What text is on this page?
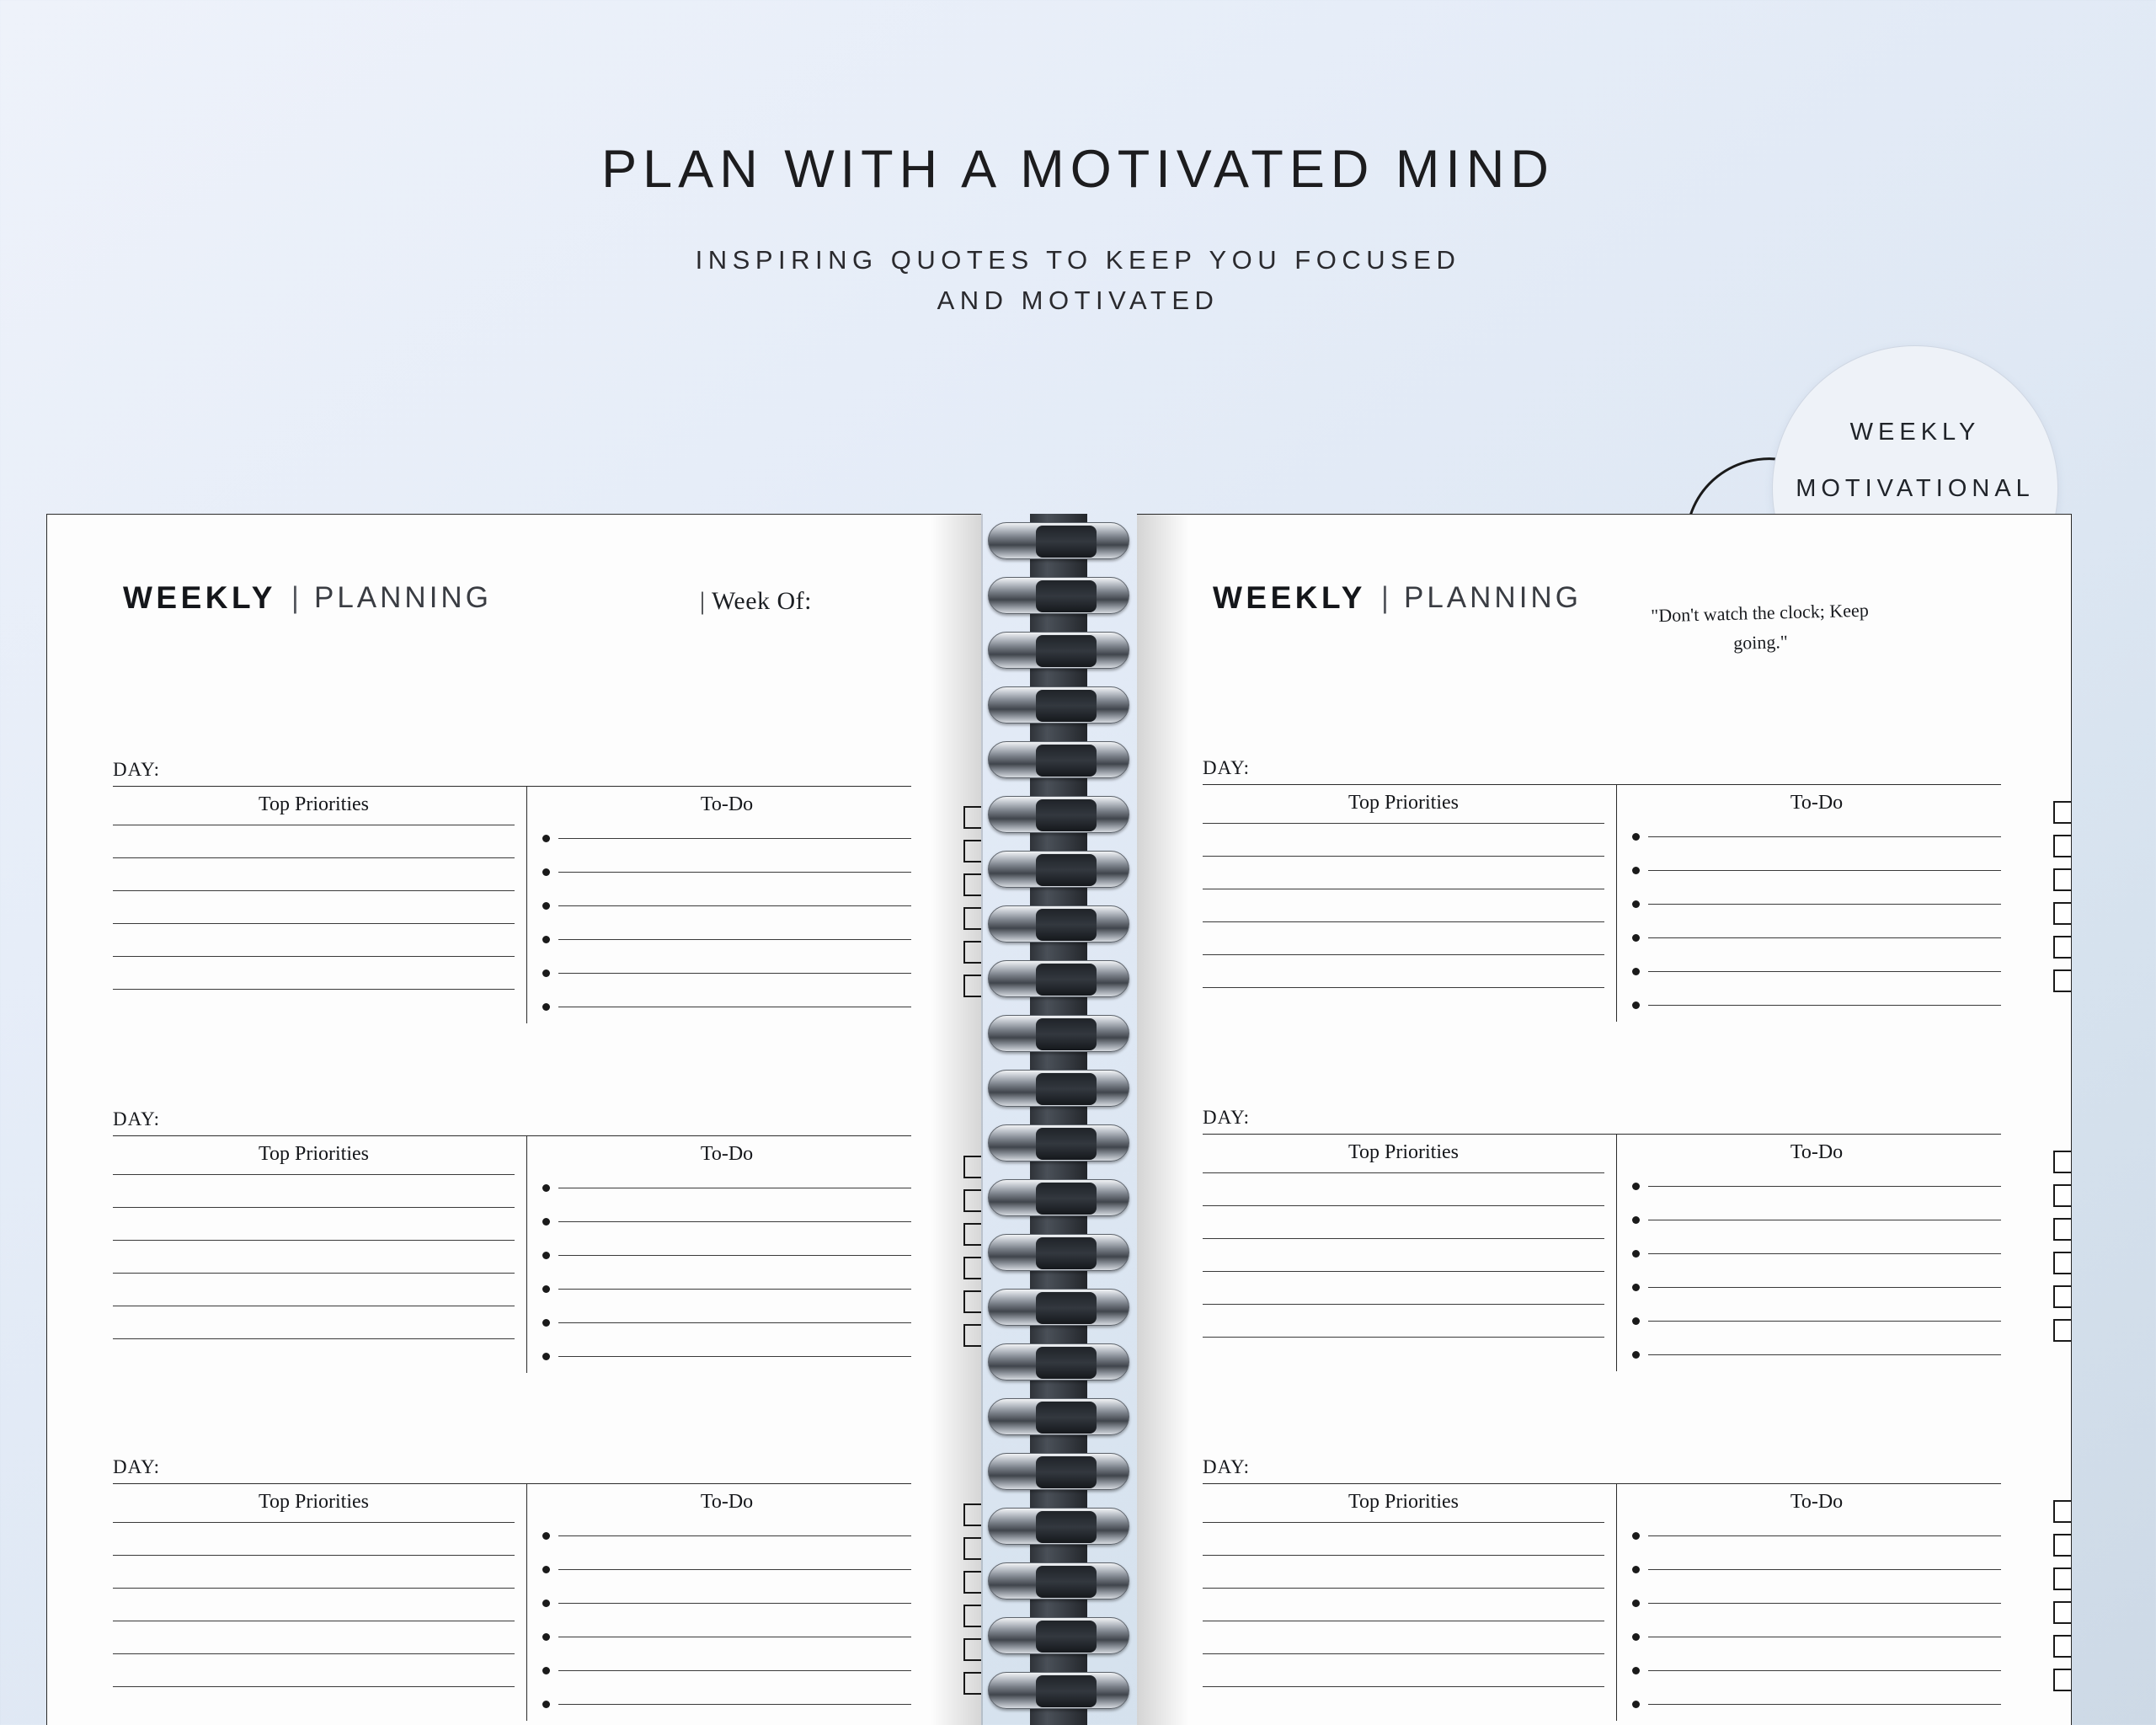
PLAN WITH A MOTIVATED MIND
INSPIRING QUOTES TO KEEP YOU FOCUSED
AND MOTIVATED
WEEKLY
MOTIVATIONAL
WEEKLY | PLANNING	| Week Of:
DAY:
Top Priorities	To-Do
DAY:
Top Priorities	To-Do
DAY:
Top Priorities	To-Do
WEEKLY | PLANNING
DAY:
Top Priorities	To-Do
DAY:
Top Priorities	To-Do
DAY:
Top Priorities	To-Do
"Don't watch the clock; Keep going."
